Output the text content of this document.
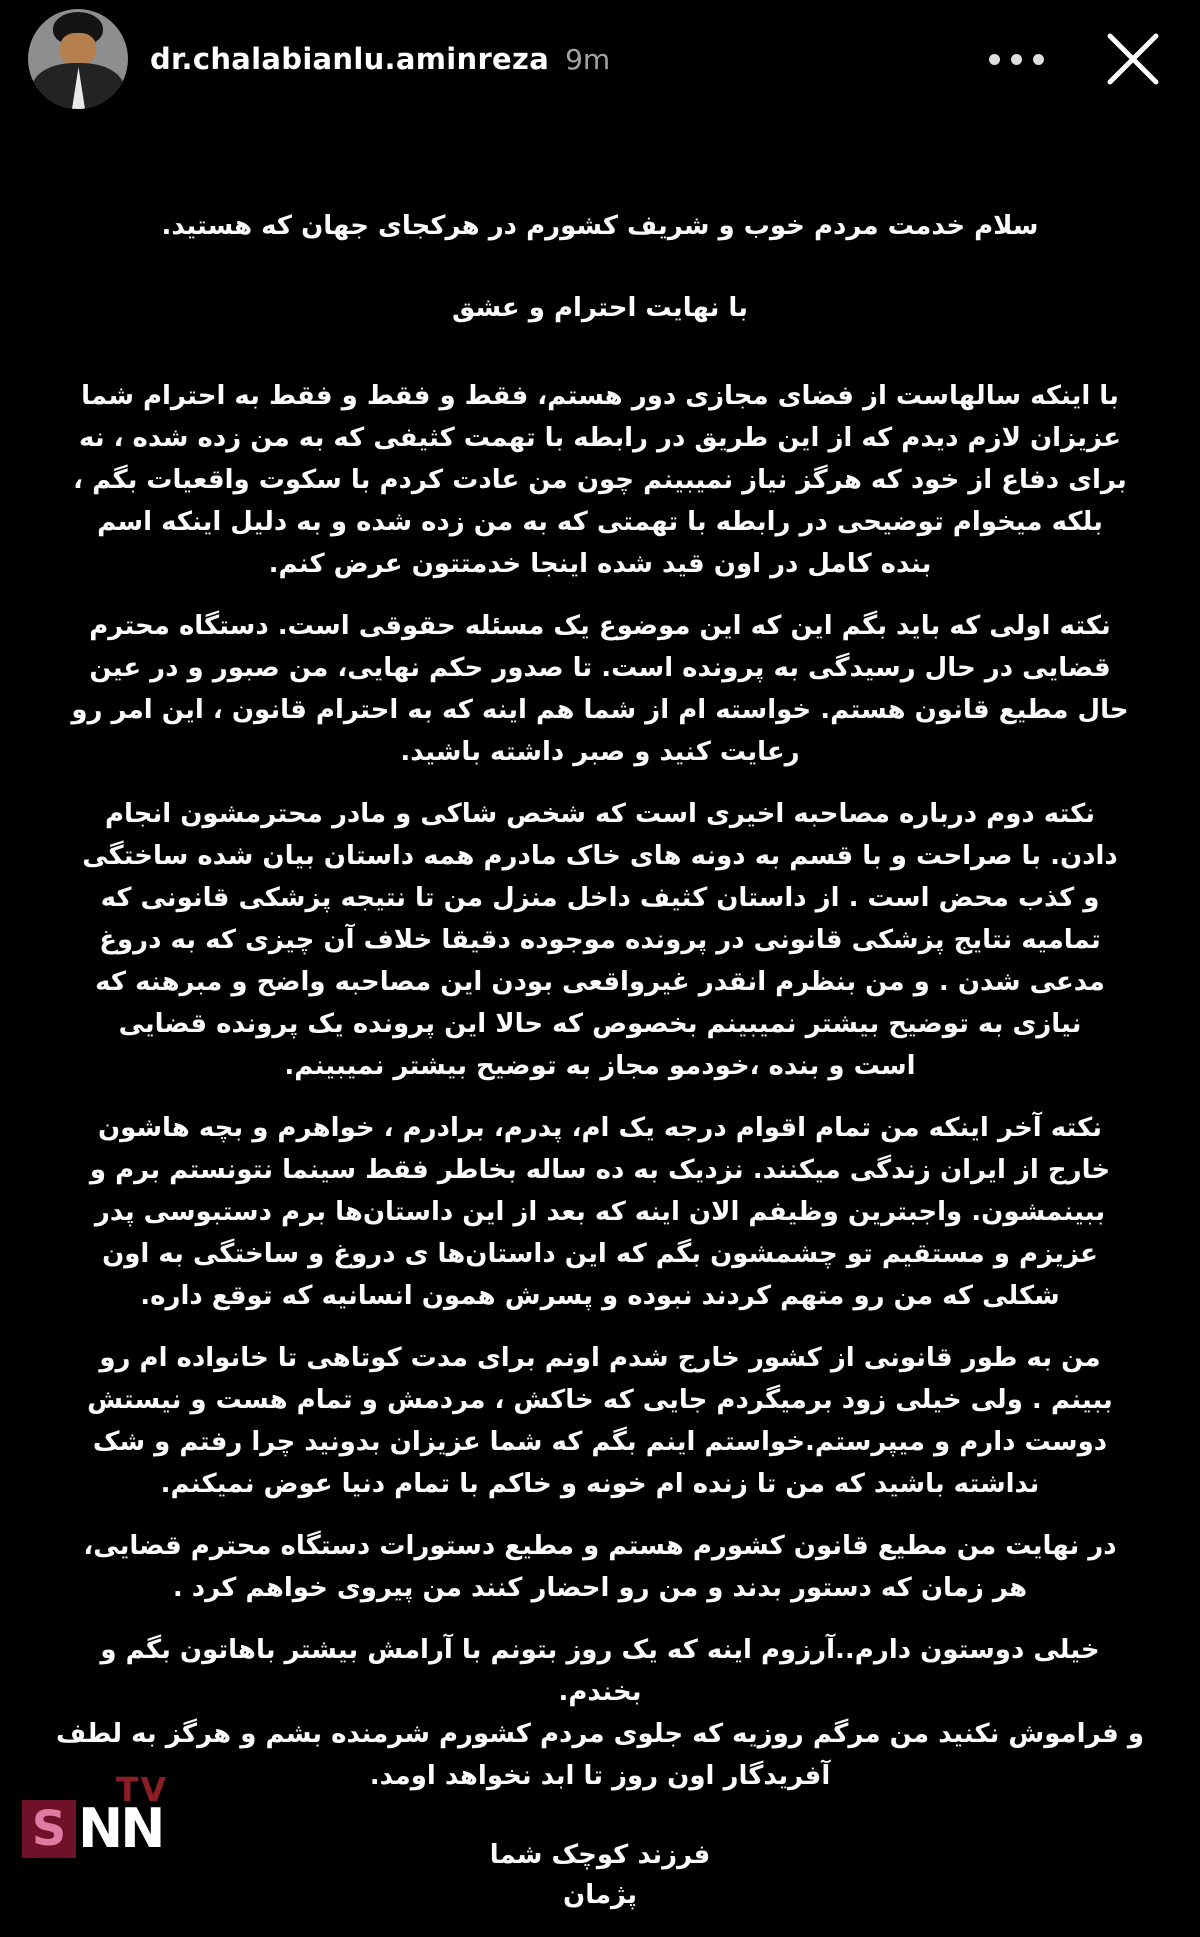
dr.chalabianlu.aminreza 9m
سلام خدمت مردم خوب و شریف کشورم در هرکجای جهان که هستید.
با نهایت احترام و عشق
با اینکه سالهاست از فضای مجازی دور هستم، فقط و فقط و فقط به احترام شما
عزیزان لازم دیدم که از این طریق در رابطه با تهمت کثیفی که به من زده شده ، نه
برای دفاع از خود که هرگز نیاز نمیبینم چون من عادت کردم با سکوت واقعیات بگم ،
بلکه میخوام توضیحی در رابطه با تهمتی که به من زده شده و به دلیل اینکه اسم
بنده کامل در اون قید شده اینجا خدمتتون عرض کنم.
نکته اولی که باید بگم این که این موضوع یک مسئله حقوقی است. دستگاه محترم
قضایی در حال رسیدگی به پرونده است. تا صدور حکم نهایی، من صبور و در عین
حال مطیع قانون هستم. خواسته ام از شما هم اینه که به احترام قانون ، این امر رو
رعایت کنید و صبر داشته باشید.
نکته دوم درباره مصاحبه اخیری است که شخص شاکی و مادر محترمشون انجام
دادن. با صراحت و با قسم به دونه های خاک مادرم همه داستان بیان شده ساختگی
و کذب محض است . از داستان کثیف داخل منزل من تا نتیجه پزشکی قانونی که
تمامیه نتایج پزشکی قانونی در پرونده موجوده دقیقا خلاف آن چیزی که به دروغ
مدعی شدن . و من بنظرم انقدر غیرواقعی بودن این مصاحبه واضح و مبرهنه که
نیازی به توضیح بیشتر نمیبینم بخصوص که حالا این پرونده یک پرونده قضایی
است و بنده ،خودمو مجاز به توضیح بیشتر نمیبینم.
نکته آخر اینکه من تمام اقوام درجه یک ام، پدرم، برادرم ، خواهرم و بچه هاشون
خارج از ایران زندگی میکنند. نزدیک به ده ساله بخاطر فقط سینما نتونستم برم و
ببینمشون. واجبترین وظیفم الان اینه که بعد از این داستان‌ها برم دستبوسی پدر
عزیزم و مستقیم تو چشمشون بگم که این داستان‌ها ی دروغ و ساختگی به اون
شکلی که من رو متهم کردند نبوده و پسرش همون انسانیه که توقع داره.
من به طور قانونی از کشور خارج شدم اونم برای مدت کوتاهی تا خانواده ام رو
ببینم . ولی خیلی زود برمیگردم جایی که خاکش ، مردمش و تمام هست و نیستش
دوست دارم و میپرستم.خواستم اینم بگم که شما عزیزان بدونید چرا رفتم و شک
نداشته باشید که من تا زنده ام خونه و خاکم با تمام دنیا عوض نمیکنم.
در نهایت من مطیع قانون کشورم هستم و مطیع دستورات دستگاه محترم قضایی،
هر زمان که دستور بدند و من رو احضار کنند من پیروی خواهم کرد .
خیلی دوستون دارم..آرزوم اینه که یک روز بتونم با آرامش بیشتر باهاتون بگم و
بخندم.
و فراموش نکنید من مرگم روزیه که جلوی مردم کشورم شرمنده بشم و هرگز به لطف
آفریدگار اون روز تا ابد نخواهد اومد.
فرزند کوچک شما
پژمان
TV
S NN
